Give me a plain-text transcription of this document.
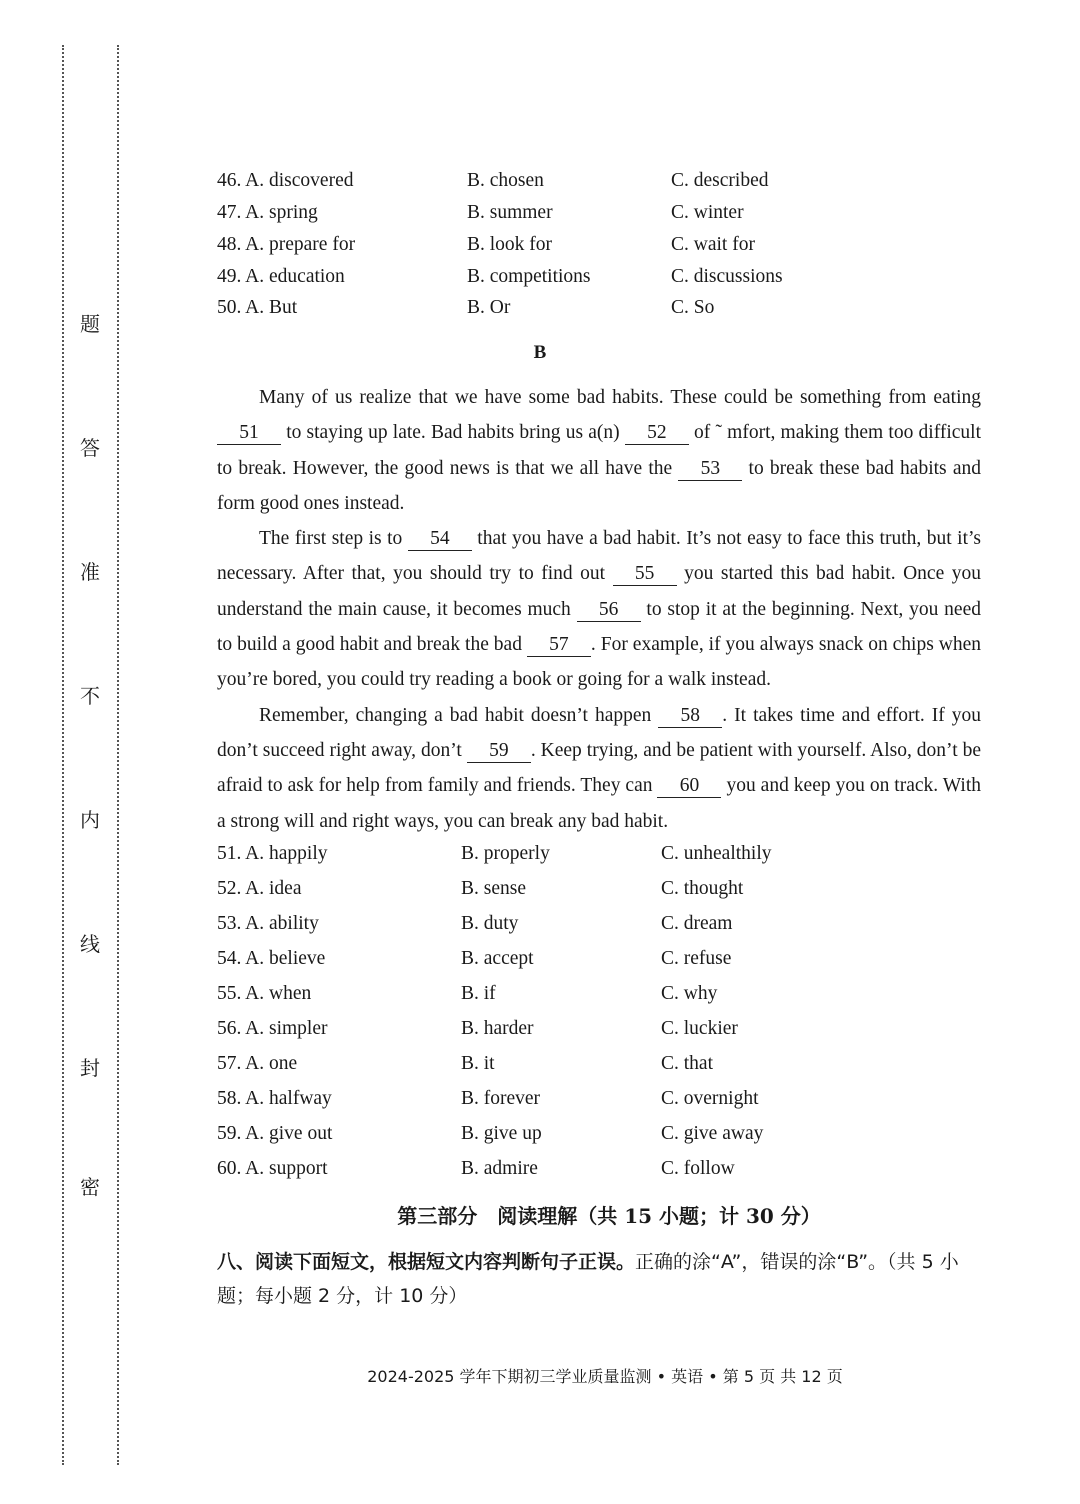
题
答
准
不
内
线
封
密
46. A. discovered	B. chosen	C. described
47. A. spring	B. summer	C. winter
48. A. prepare for	B. look for	C. wait for
49. A. education	B. competitions	C. discussions
50. A. But	B. Or	C. So
B

Many of us realize that we have some bad habits. These could be something from eating 51 to staying up late. Bad habits bring us a(n) 52 of ˜ mfort, making them too difficult to break. However, the good news is that we all have the 53 to break these bad habits and form good ones instead.

The first step is to 54 that you have a bad habit. It’s not easy to face this truth, but it’s necessary. After that, you should try to find out 55 you started this bad habit. Once you understand the main cause, it becomes much 56 to stop it at the beginning. Next, you need to build a good habit and break the bad 57 . For example, if you always snack on chips when you’re bored, you could try reading a book or going for a walk instead.

Remember, changing a bad habit doesn’t happen 58 . It takes time and effort. If you don’t succeed right away, don’t 59 . Keep trying, and be patient with yourself. Also, don’t be afraid to ask for help from family and friends. They can 60 you and keep you on track. With a strong will and right ways, you can break any bad habit.

51. A. happily	B. properly	C. unhealthily
52. A. idea	B. sense	C. thought
53. A. ability	B. duty	C. dream
54. A. believe	B. accept	C. refuse
55. A. when	B. if	C. why
56. A. simpler	B. harder	C. luckier
57. A. one	B. it	C. that
58. A. halfway	B. forever	C. overnight
59. A. give out	B. give up	C. give away
60. A. support	B. admire	C. follow
第三部分　阅读理解（共 15 小题；计 30 分）
八、阅读下面短文，根据短文内容判断句子正误。正确的涂“A”，错误的涂“B”。（共 5 小题；每小题 2 分，计 10 分）
2024-2025 学年下期初三学业质量监测 • 英语 • 第 5 页 共 12 页
